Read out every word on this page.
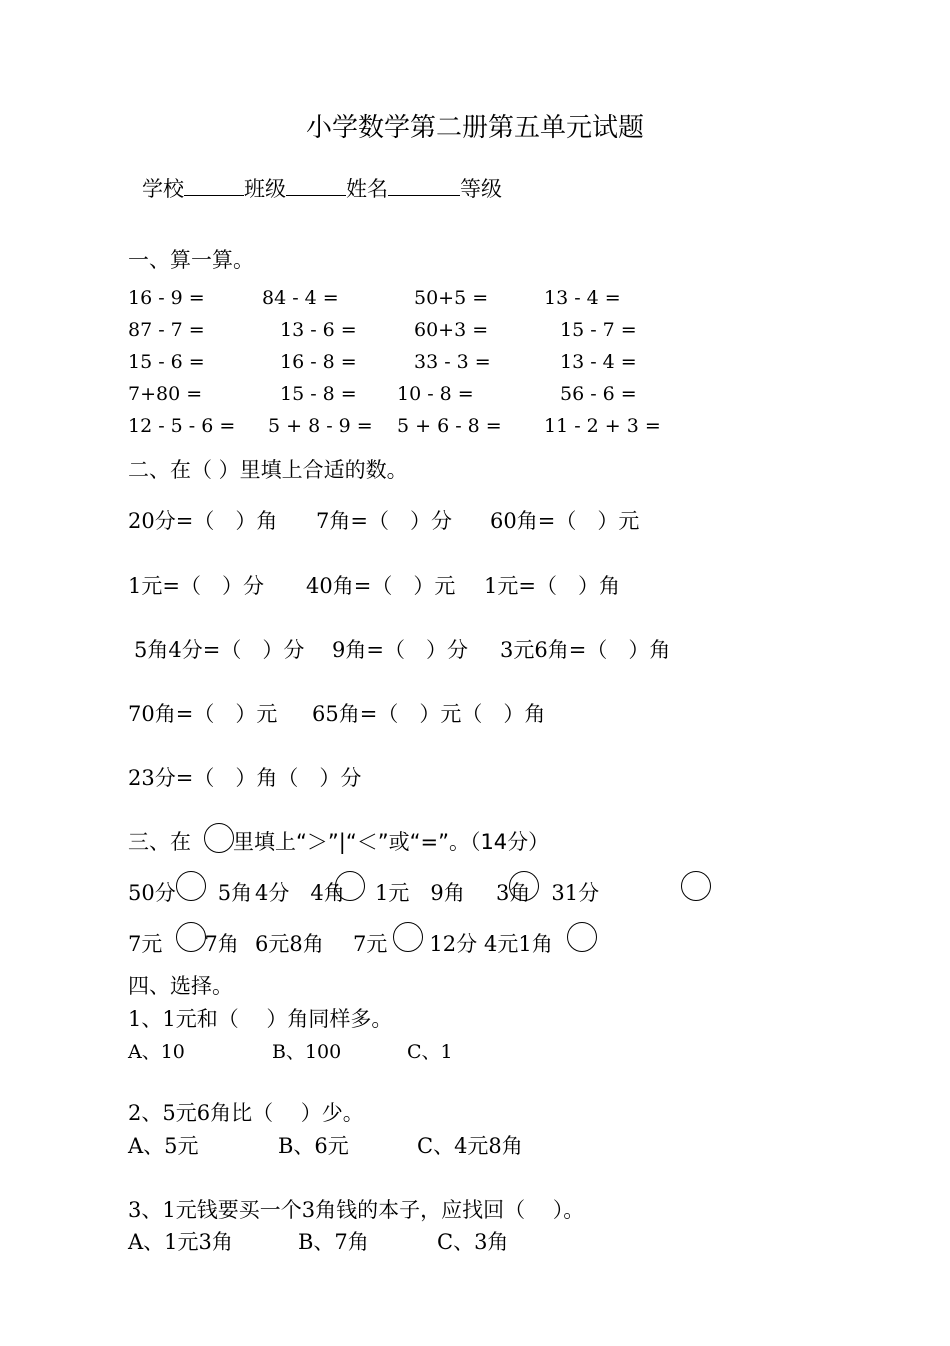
小学数学第二册第五单元试题
学校	班级	姓名	等级
一、算一算。
16 - 9 =	84 - 4 =	50+5 =	13 - 4 =
87 - 7 =	13 - 6 =	60+3 =	15 - 7 =
15 - 6 =	16 - 8 =	33 - 3 =	13 - 4 =
7+80 =	15 - 8 = 10 - 8 =	56 - 6 =
12 - 5 - 6 = 5 + 8 - 9 = 5 + 6 - 8 = 11 - 2 + 3 =
二、在（ ）里填上合适的数。
20分=（　）角 7角=（　）分 60角=（　）元
1元=（　）分 40角=（　）元 1元=（　）角
5角4分=（　）分 9角=（　）分 3元6角=（　）角
70角=（　）元 65角=（　）元（　）角
23分=（　）角（　）分
三、在　　里填上“＞”|“＜”或“=”。（14分）
50分　　5角 4分　4角 1元　9角 3角　31分
7元　　7角 6元8角 7元　　12分 4元1角
四、选择。
1、1元和（　 ）角同样多。
A、10	B、100	C、1
2、5元6角比（　 ）少。
A、5元	B、6元	C、4元8角
3、1元钱要买一个3角钱的本子，应找回（　 ）。
A、1元3角	B、7角	C、3角
